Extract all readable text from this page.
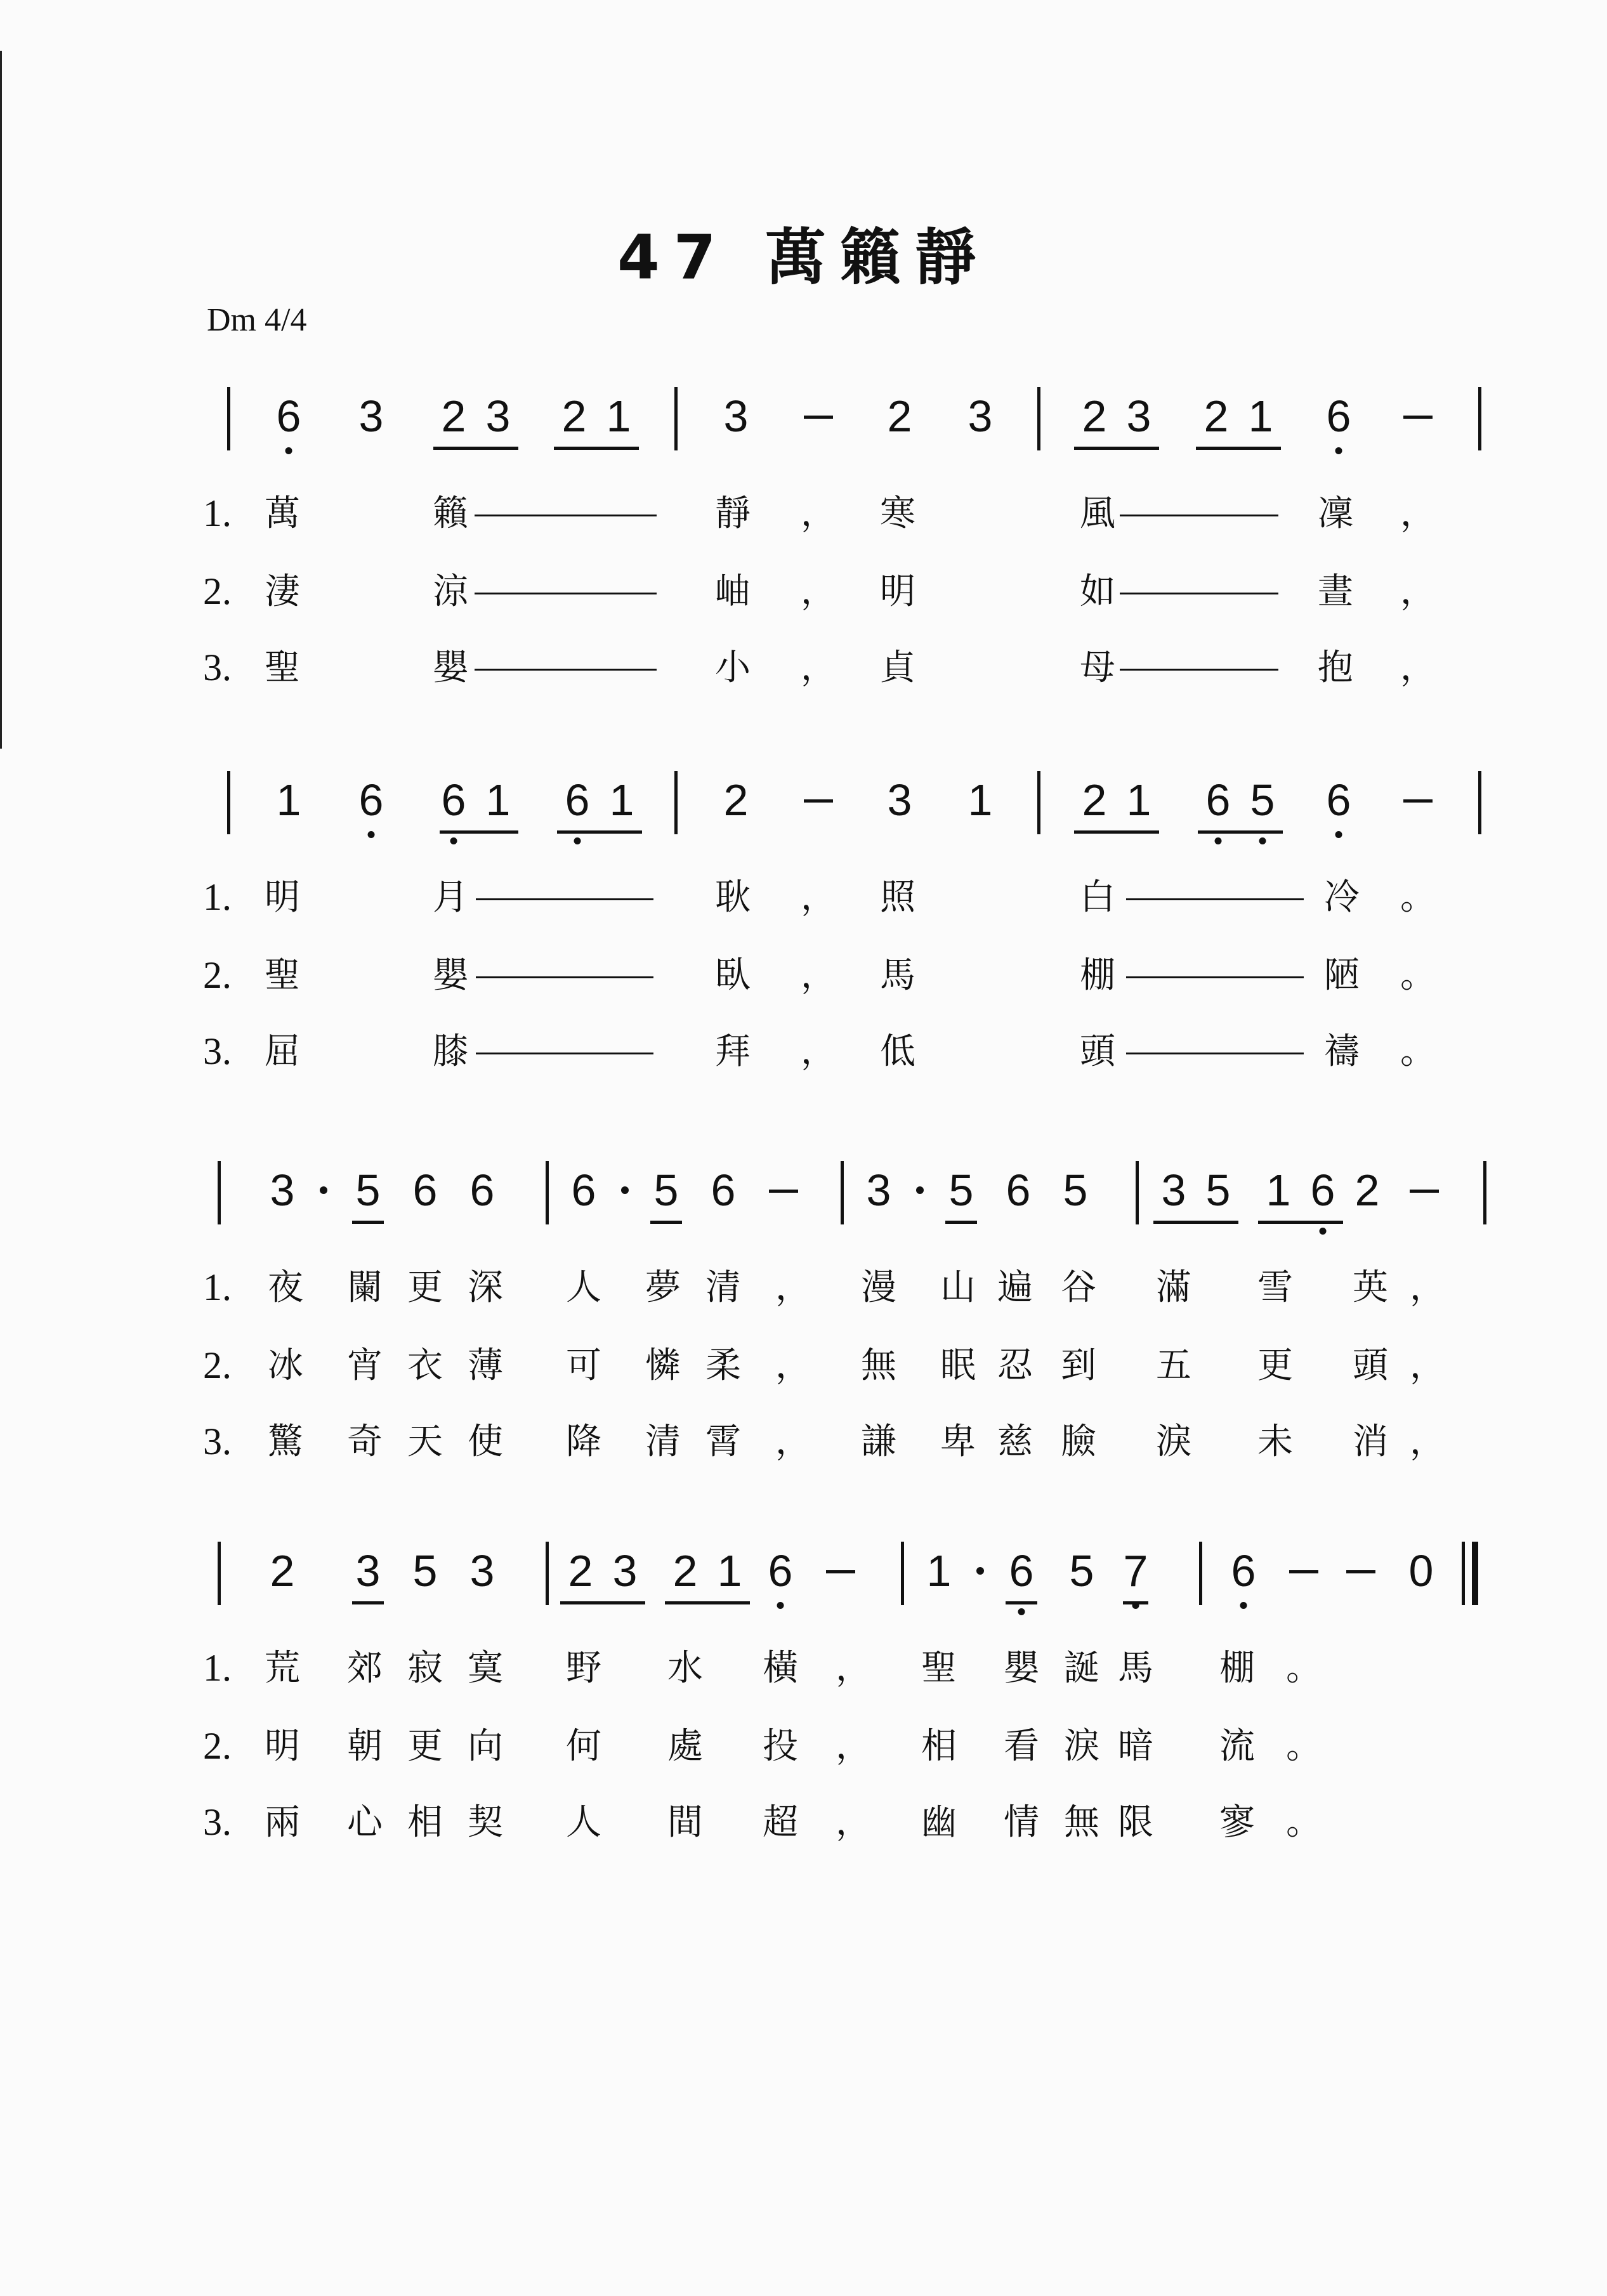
47 萬籟靜
Dm 4/4
6 3 2 3 2 1 3	2 3 2 3 2 1 6
1. 萬	籟	靜 ， 寒	風	凜 ，
2. 淒	涼	岫 ， 明	如	晝 ，
3. 聖	嬰	小 ， 貞	母	抱 ，
1 6 6 1 6 1 2	3 1 2 1 6 5 6
1. 明	月	耿 ， 照	白	冷 。
2. 聖	嬰	臥 ， 馬	棚	陋 。
3. 屈	膝	拜 ， 低	頭	禱 。
3 5 6 6 6 5 6	3 5 6 5 3 5 1 6 2
1. 夜 闌 更 深 人 夢 清 ， 漫 山 遍 谷 滿 雪 英 ，
2. 冰 宵 衣 薄 可 憐 柔 ， 無 眠 忍 到 五 更 頭 ，
3. 驚 奇 天 使 降 清 霄 ， 謙 卑 慈 臉 淚 未 消 ，
2 3 5 3 2 3 2 1 6	1 6 5 7 6	0
1. 荒 郊 寂 寞 野 水 橫 ， 聖 嬰 誕 馬 棚 。
2. 明 朝 更 向 何 處 投 ， 相 看 淚 暗 流 。
3. 兩 心 相 契 人 間 超 ， 幽 情 無 限 寥 。
